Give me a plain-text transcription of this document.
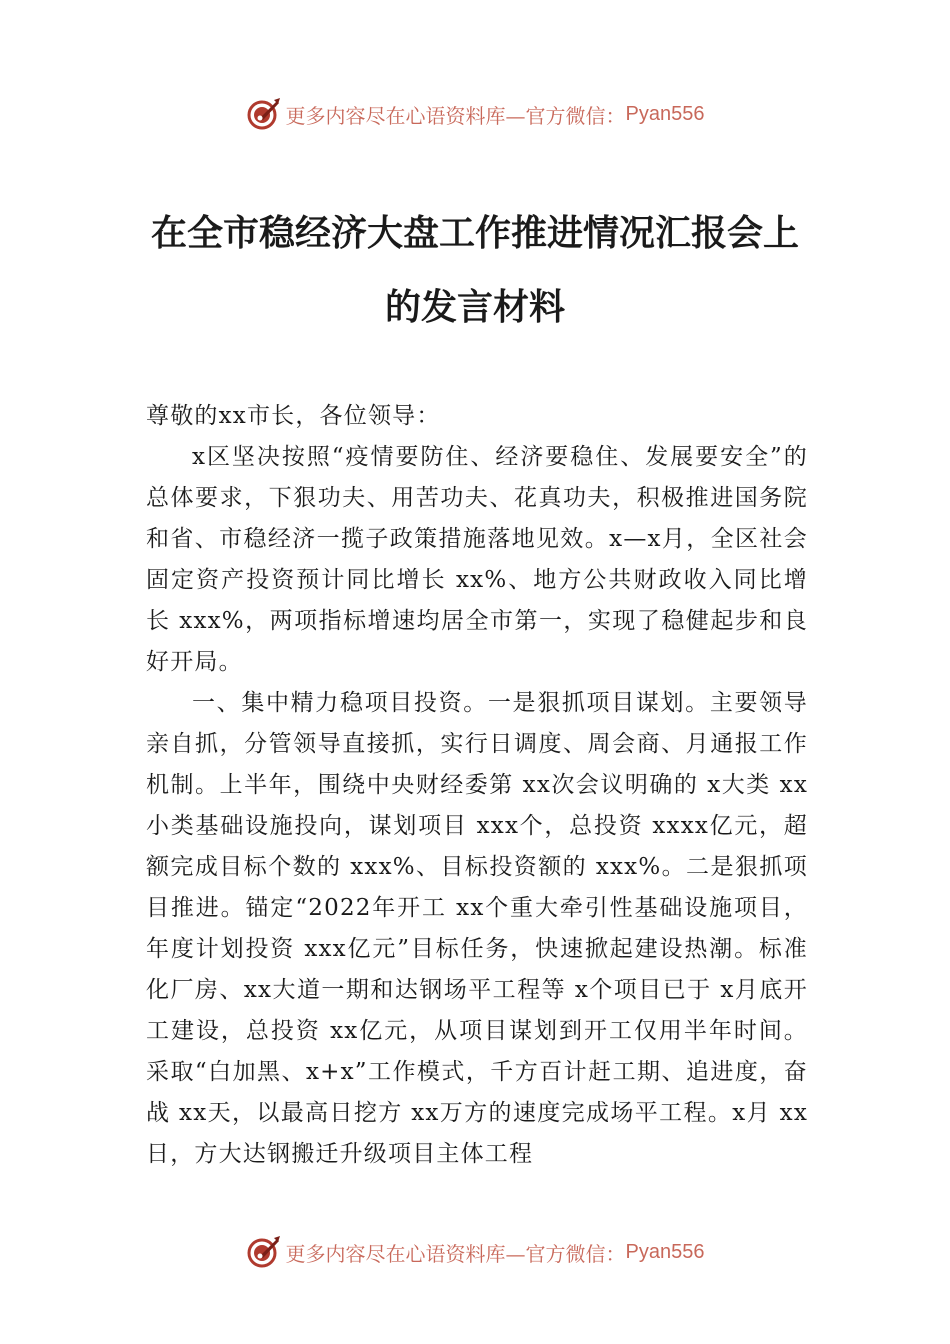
更多内容尽在心语资料库—官方微信： Pyan556
在全市稳经济大盘工作推进情况汇报会上
的发言材料

尊敬的xx市长，各位领导：

x区坚决按照“疫情要防住、经济要稳住、发展要安全”的总体要求，下狠功夫、用苦功夫、花真功夫，积极推进国务院和省、市稳经济一揽子政策措施落地见效。x—x月，全区社会固定资产投资预计同比增长 xx%、地方公共财政收入同比增长 xxx%，两项指标增速均居全市第一，实现了稳健起步和良好开局。

一、集中精力稳项目投资。一是狠抓项目谋划。主要领导亲自抓，分管领导直接抓，实行日调度、周会商、月通报工作机制。上半年，围绕中央财经委第 xx次会议明确的 x大类 xx小类基础设施投向，谋划项目 xxx个，总投资 xxxx亿元，超额完成目标个数的 xxx%、目标投资额的 xxx%。二是狠抓项目推进。锚定“2022年开工 xx个重大牵引性基础设施项目，年度计划投资 xxx亿元”目标任务，快速掀起建设热潮。标准化厂房、xx大道一期和达钢场平工程等 x个项目已于 x月底开工建设，总投资 xx亿元，从项目谋划到开工仅用半年时间。采取“白加黑、x+x”工作模式，千方百计赶工期、追进度，奋战 xx天，以最高日挖方 xx万方的速度完成场平工程。x月 xx日，方大达钢搬迁升级项目主体工程

更多内容尽在心语资料库—官方微信： Pyan556
